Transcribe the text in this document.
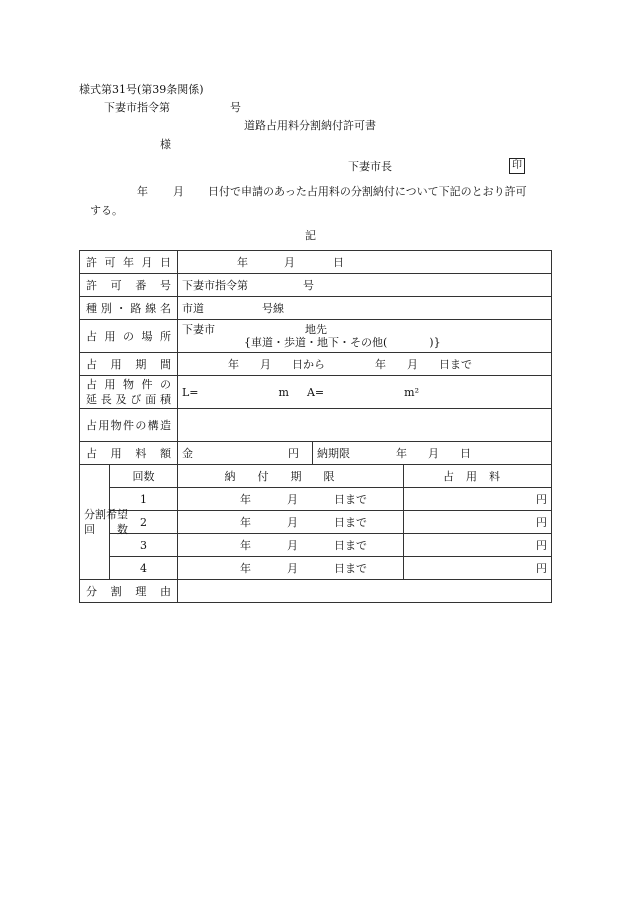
様式第31号(第39条関係)
下妻市指令第	号
道路占用料分割納付許可書
様
下妻市長	印
年 月 日付で申請のあった占用料の分割納付について下記のとおり許可
する。
記
許可年月日		年 月 日		
許可番号		下妻市指令第 号		
種別・路線名		市道 号線		
占用の場所		下妻市 地先
{車道・歩道・地下・その他( )}		

占用期間		年 月 日から 年 月 日まで		

占用物件の
延長及び面積		L= m A= m²		
占用物件の構造				
占用料額		金 円	納期限 年 月 日	

分割希望
回　　数	回数	納付期限		占用料
	1	年 月 日まで		円
	2	年 月 日まで		円
	3	年 月 日まで		円
	4	年 月 日まで		円
分割理由				
